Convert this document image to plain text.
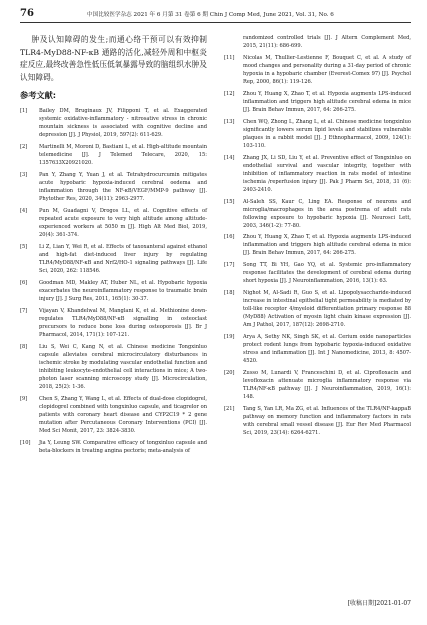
76	中国比较医学杂志 2021 年 6 月第 31 卷第 6 期 Chin J Comp Med, June 2021, Vol. 31, No. 6

肿及认知障碍的发生;而通心络干预可以有效抑制TLR4-MyD88-NF-κB 通路的活化,减轻外周和中枢炎症反应,最终改善急性低压低氧暴露导致的脑组织水肿及认知障碍。

参考文献:
[1]	Bailey DM, Bruginaux JV, Filipponi T, et al. Exaggerated systemic oxidative-inflammatory - nitrosative stress in chronic mountain sickness is associated with cognitive decline and depression [J]. J Physiol, 2019, 597(2): 611-629.
[2]	Martinelli M, Moroni D, Bastiani L, et al. High-altitude mountain telemedicine [J]. J Telemed Telecare, 2020, 15: 1357633X20921020.
[3]	Pan Y, Zhang Y, Yuan J, et al. Tetrahydrocurcumin mitigates acute hypobaric hypoxia-induced cerebral oedema and inflammation through the NF-κB/VEGF/MMP-9 pathway [J]. Phytother Res, 2020, 34(11): 2963-2977.
[4]	Pun M, Guadagni V, Drogos LL, et al. Cognitive effects of repeated acute exposure to very high altitude among altitude-experienced workers at 5050 m [J]. High Alt Med Biol, 2019, 20(4): 361-374.
[5]	Li Z, Lian Y, Wei R, et al. Effects of taxoxanteral against ethanol and high-fat diet-induced liver injury by regulating TLR4/MyD88/NF-κB and Nrf2/HO-1 signaling pathways [J]. Life Sci, 2020, 262: 118546.
[6]	Goodman MD, Makley AT, Huber NL, et al. Hypobaric hypoxia exacerbates the neuroinflammatory response to traumatic brain injury [J]. J Surg Res, 2011, 165(1): 30-37.
[7]	Vijayan V, Khandelwal M, Manglani K, et al. Methionine down-regulates TLR4/MyD88/NF-κB signalling in osteoclast precursors to reduce bone loss during osteoporosis [J]. Br J Pharmacol, 2014, 171(1): 107-121.
[8]	Liu S, Wei C, Kang N, et al. Chinese medicine Tongxinluo capsule alleviates cerebral microcirculatory disturbances in ischemic stroke by modulating vascular endothelial function and inhibiting leukocyte-endothelial cell interactions in mice; A two-photon laser scanning microscopy study [J]. Microcirculation, 2018, 25(2): 1-36.
[9]	Chen S, Zhang Y, Wang L, et al. Effects of dual-dose clopidogrel, clopidogrel combined with tongxinluo capsule, and ticagrelor on patients with coronary heart disease and CYP2C19 * 2 gene mutation after Percutaneous Coronary Interventions (PCI) [J]. Med Sci Monit, 2017, 23: 3824-3830.
[10]	Jia Y, Leung SW. Comparative efficacy of tongxinluo capsule and beta-blockers in treating angina pectoris; meta-analysis of
randomized controlled trials [J]. J Altern Complement Med, 2015, 21(11): 686-699.
[11]	Nicolas M, Thullier-Lestienne F, Bouquet C, et al. A study of mood changes and personality during a 31-day period of chronic hypoxia in a hypobaric chamber (Everest-Comex 97) [J]. Psychol Rep, 2000, 86(1): 119-126.
[12]	Zhou Y, Huang X, Zhao T, et al. Hypoxia augments LPS-induced inflammation and triggers high altitude cerebral edema in mice [J]. Brain Behav Immun, 2017, 64: 266-275.
[13]	Chen WQ, Zhong L, Zhang L, et al. Chinese medicine tongxinluo significantly lowers serum lipid levels and stabilizes vulnerable plaques in a rabbit model [J]. J Ethnopharmacol, 2009, 124(1): 103-110.
[14]	Zhang JX, Li SD, Liu Y, et al. Preventive effect of Tongxinluo on endothelial survival and vascular integrity, together with inhibition of inflammatory reaction in rats model of intestine ischemia /reperfusion injury [J]. Pak J Pharm Sci, 2018, 31 (6): 2403-2410.
[15]	Al-Saleh SS, Kaur C, Ling EA. Response of neurons and microglia/macrophages in the area postrema of adult rats following exposure to hypobaric hypoxia [J]. Neurosci Lett, 2003, 346(1-2): 77-80.
[16]	Zhou Y, Huang X, Zhao T, et al. Hypoxia augments LPS-induced inflammation and triggers high altitude cerebral edema in mice [J]. Brain Behav Immun, 2017, 64: 266-275.
[17]	Song TT, Bi YH, Gao YQ, et al. Systemic pro-inflammatory response facilitates the development of cerebral edema during short hypoxia [J]. J Neuroinflammation, 2016, 13(1): 63.
[18]	Nighot M, Al-Sadi R, Guo S, et al. Lipopolysaccharide-induced increase in intestinal epithelial tight permeability is mediated by toll-like receptor 4/myeloid differentiation primary response 88 (MyD88) Activation of myosin light chain kinase expression [J]. Am J Pathol, 2017, 187(12): 2698-2710.
[19]	Arya A, Sethy NK, Singh SK, et al. Cerium oxide nanoparticles protect rodent lungs from hypobaric hypoxia-induced oxidative stress and inflammation [J]. Int J Nanomedicine, 2013, 8: 4507-4520.
[20]	Zusso M, Lunardi V, Franceschini D, et al. Ciprofloxacin and levofloxacin attenuate microglia inflammatory response via TLR4/NF-κB pathway [J]. J Neuroinflammation, 2019, 16(1): 148.
[21]	Tang S, Yan LR, Ma ZG, et al. Influences of the TLR4/NF-kappaB pathway on memory function and inflammatory factors in rats with cerebral small vessel disease [J]. Eur Rev Med Pharmacol Sci, 2019, 23(14): 6264-6271.
[收稿日期]2021-01-07
